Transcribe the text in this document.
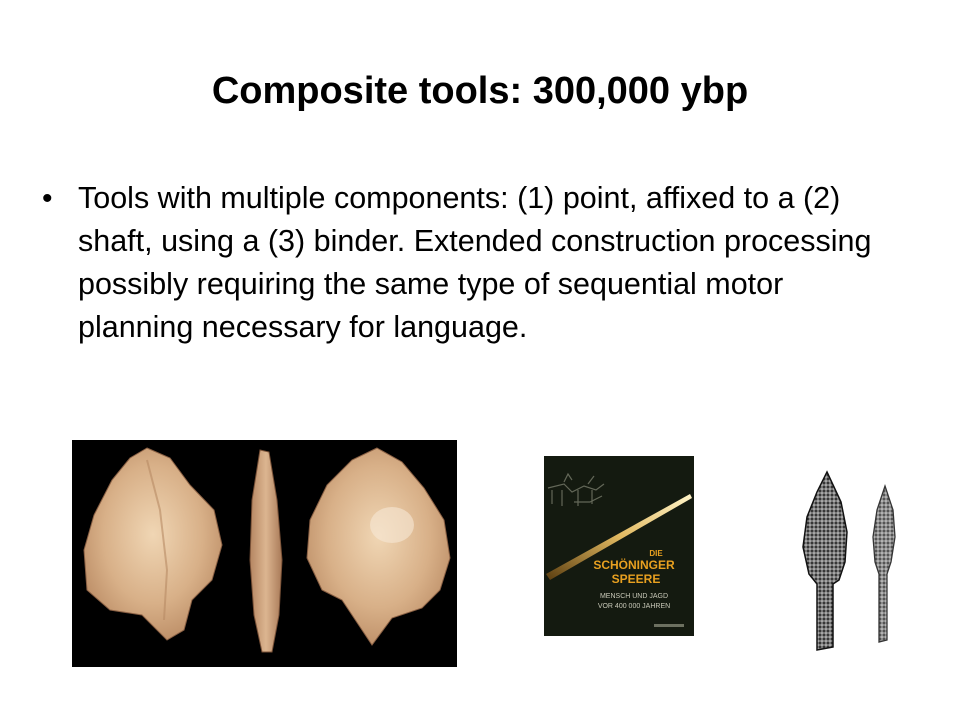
Composite tools: 300,000 ybp
• Tools with multiple components: (1) point, affixed to a (2) shaft, using a (3) binder. Extended construction processing possibly requiring the same type of sequential motor planning necessary for language.
DIE
SCHÖNINGER
SPEERE
MENSCH UND JAGD
VOR 400 000 JAHREN
